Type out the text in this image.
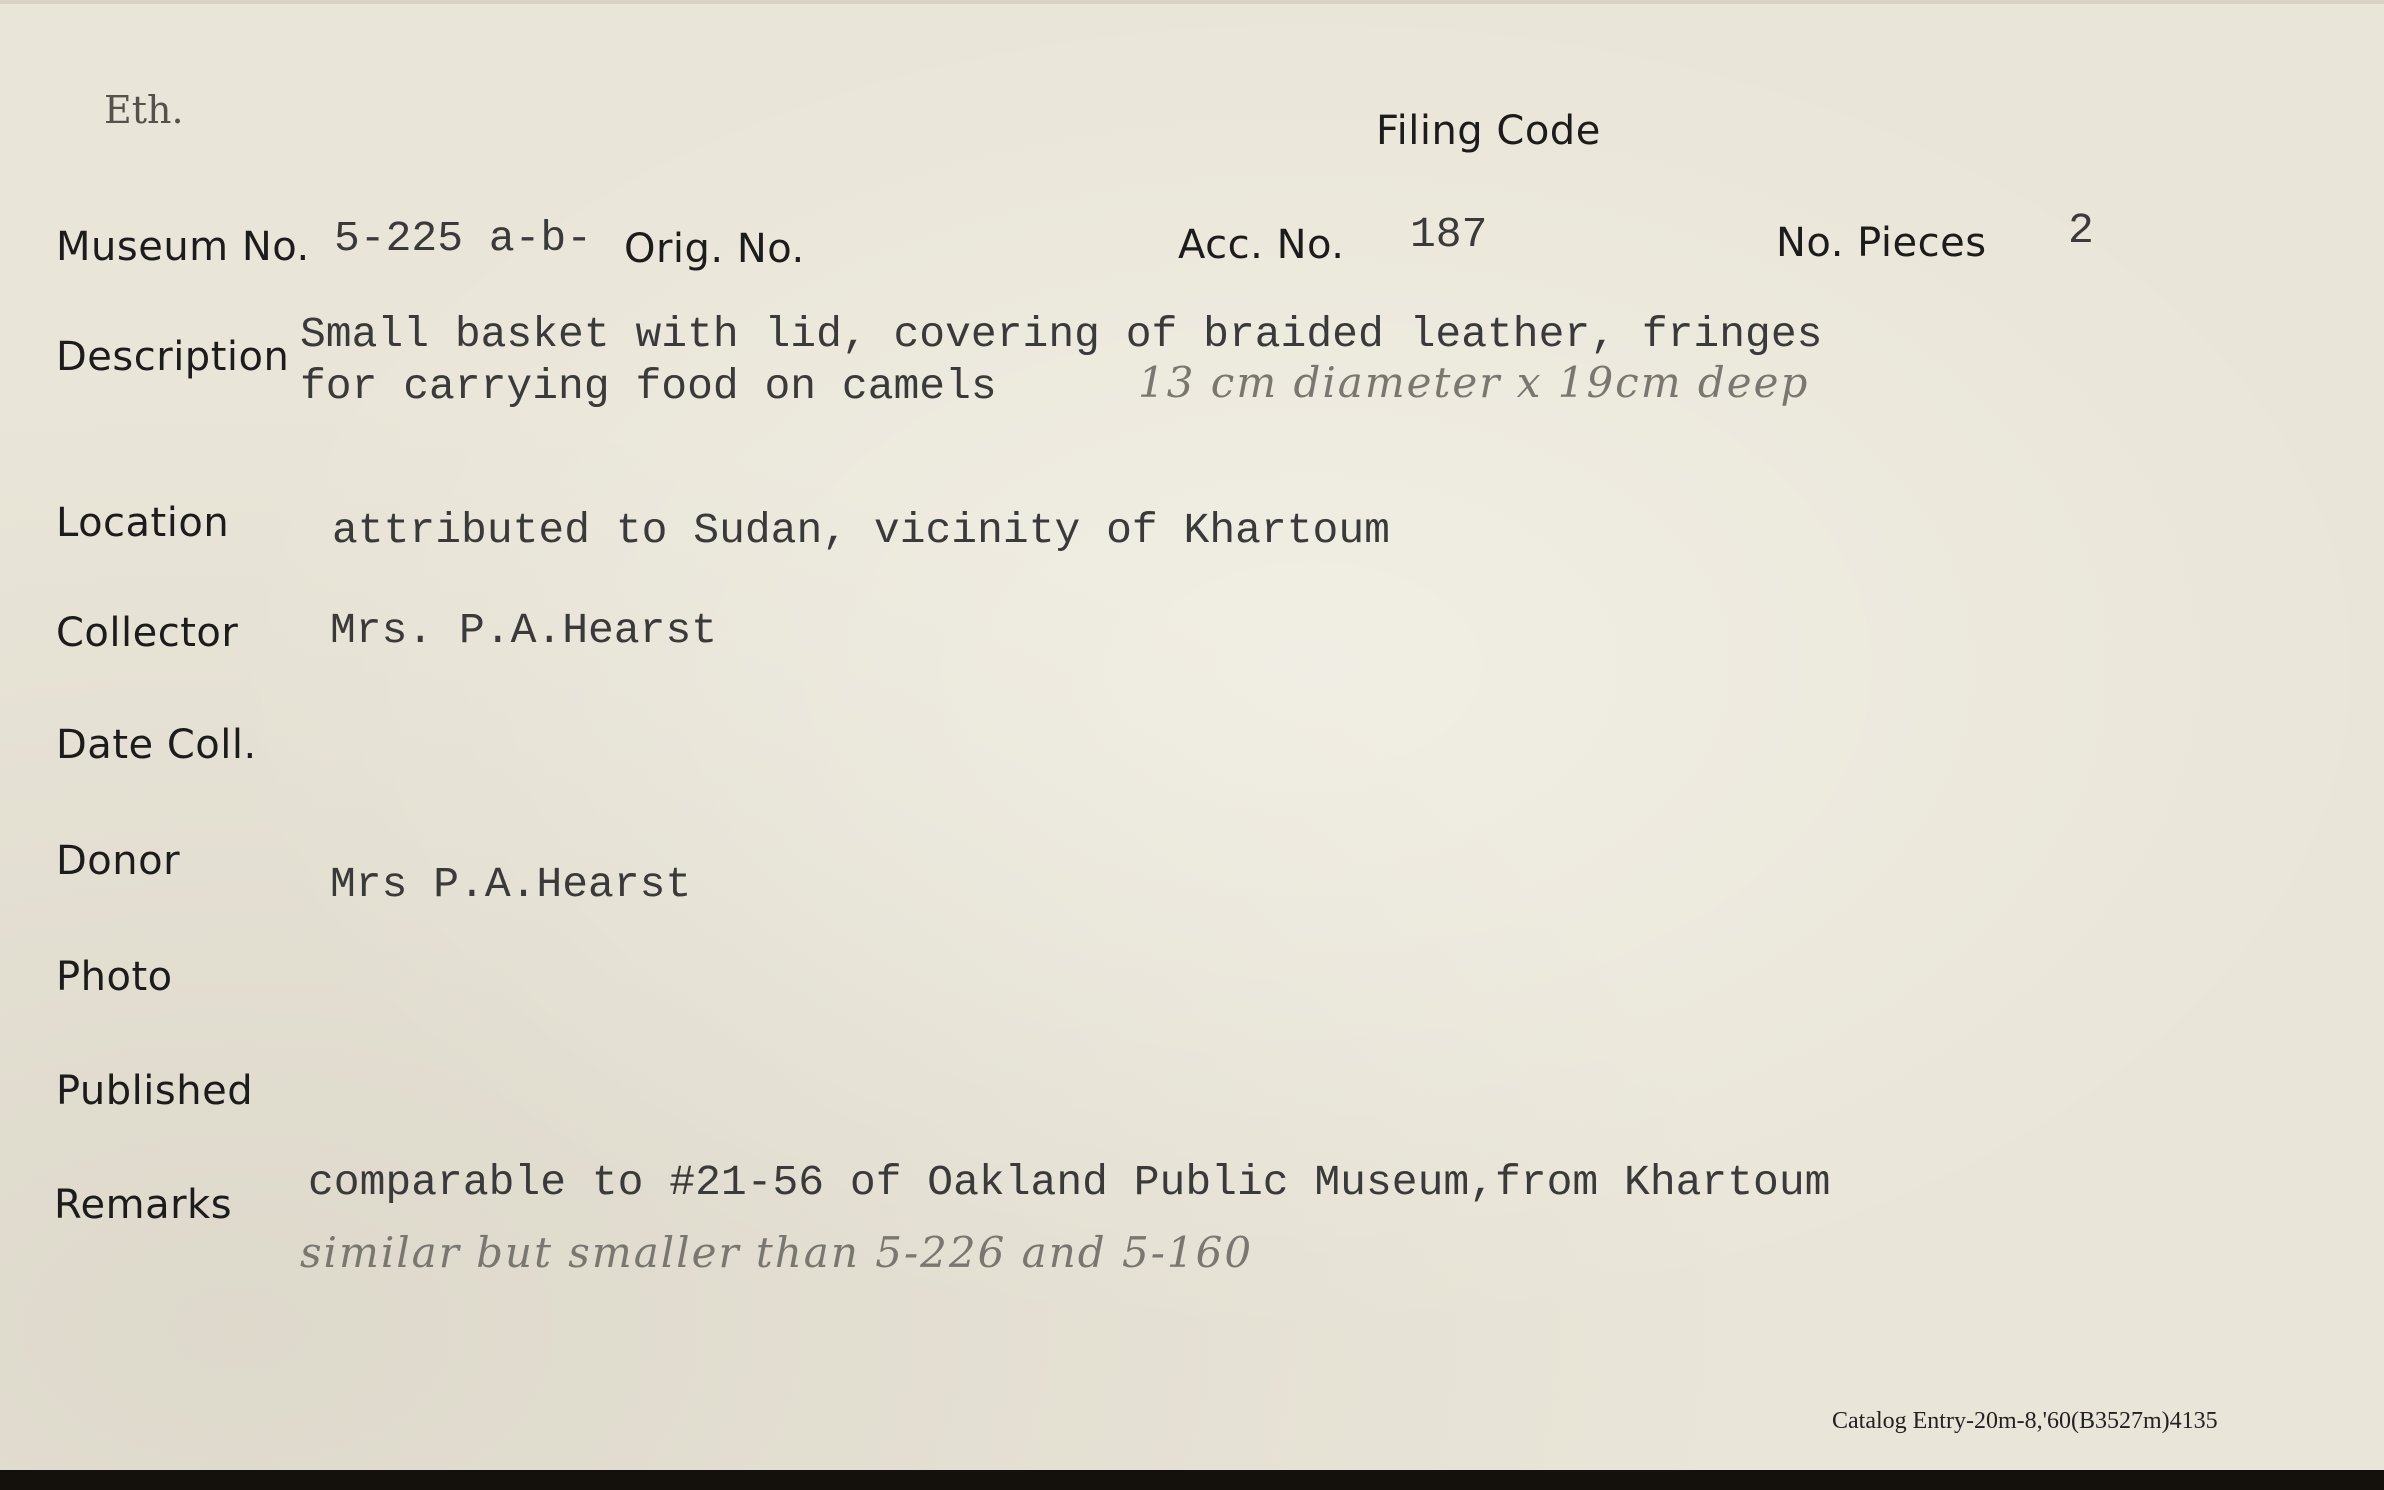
Eth.	Filing Code
Museum No. 5-225 a-b- Orig. No.	Acc. No. 187	No. Pieces 2
Description Small basket with lid, covering of braided leather, fringes
for carrying food on camels	13 cm diameter x 19cm deep
Location attributed to Sudan, vicinity of Khartoum
Collector Mrs. P.A.Hearst
Date Coll.
Donor	Mrs P.A.Hearst
Photo
Published
Remarks comparable to #21-56 of Oakland Public Museum,from Khartoum
similar but smaller than 5-226 and 5-160
Catalog Entry-20m-8,'60(B3527m)4135
